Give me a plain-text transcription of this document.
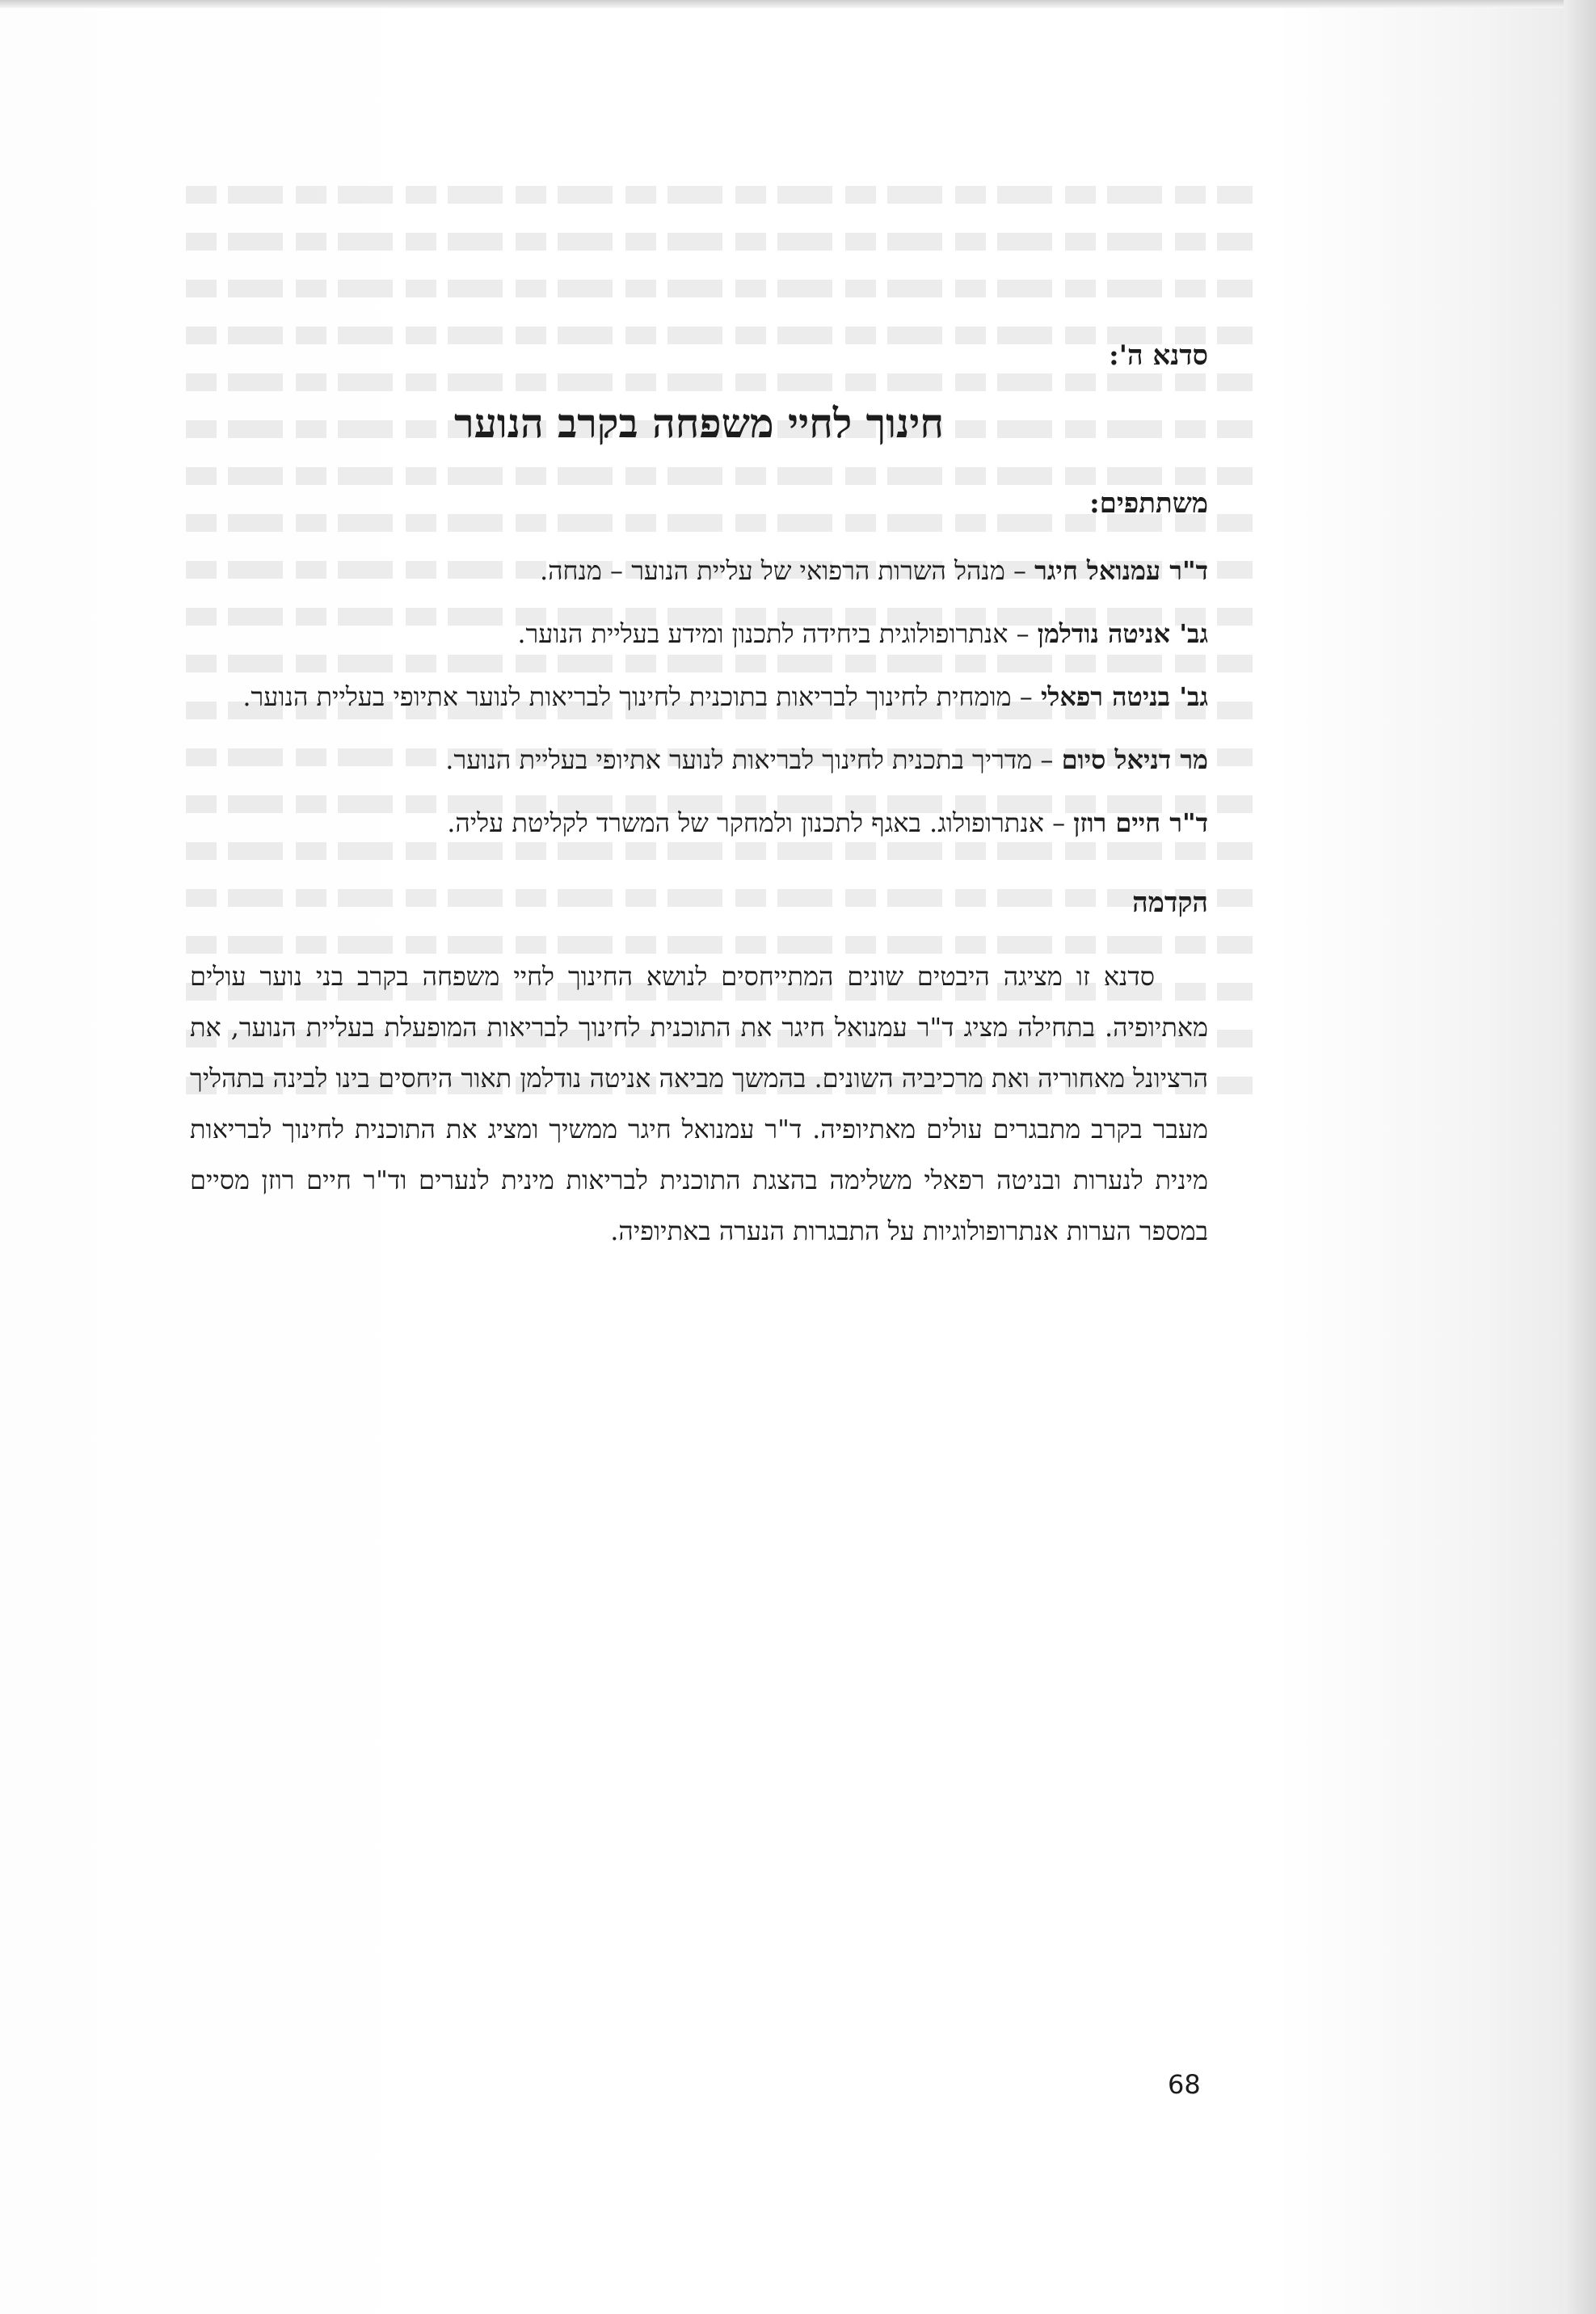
סדנא ה':
חינוך לחיי משפחה בקרב הנוער
משתתפים:

ד"ר עמנואל חיגר – מנהל השרות הרפואי של עליית הנוער – מנחה.

גב' אניטה נודלמן – אנתרופולוגית ביחידה לתכנון ומידע בעליית הנוער.

גב' בניטה רפאלי – מומחית לחינוך לבריאות בתוכנית לחינוך לבריאות לנוער אתיופי בעליית הנוער.

מר דניאל סיום – מדריך בתכנית לחינוך לבריאות לנוער אתיופי בעליית הנוער.

ד"ר חיים רוזן – אנתרופולוג. באגף לתכנון ולמחקר של המשרד לקליטת עליה.

הקדמה

סדנא זו מציגה היבטים שונים המתייחסים לנושא החינוך לחיי משפחה בקרב בני נוער עולים מאתיופיה. בתחילה מציג ד"ר עמנואל חיגר את התוכנית לחינוך לבריאות המופעלת בעליית הנוער, את הרציונל מאחוריה ואת מרכיביה השונים. בהמשך מביאה אניטה נודלמן תאור היחסים בינו לבינה בתהליך מעבר בקרב מתבגרים עולים מאתיופיה. ד"ר עמנואל חיגר ממשיך ומציג את התוכנית לחינוך לבריאות מינית לנערות ובניטה רפאלי משלימה בהצגת התוכנית לבריאות מינית לנערים וד"ר חיים רוזן מסיים במספר הערות אנתרופולוגיות על התבגרות הנערה באתיופיה.

68
